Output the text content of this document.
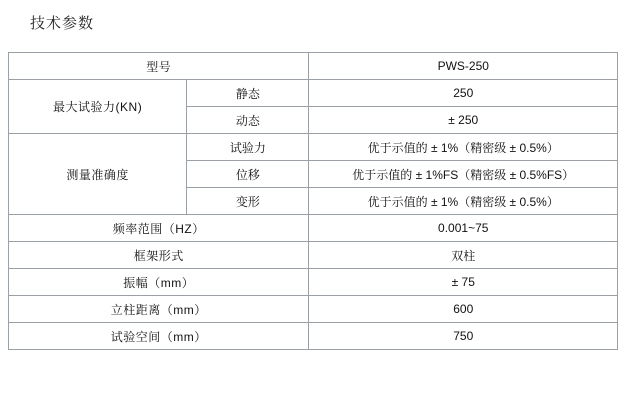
技术参数
型号		PWS-250
最大试验力(KN)	静态	250
	动态	± 250
测量准确度	试验力	优于示值的 ± 1%（精密级 ± 0.5%）
	位移	优于示值的 ± 1%FS（精密级 ± 0.5%FS）
	变形	优于示值的 ± 1%（精密级 ± 0.5%）
频率范围（HZ）		0.001~75
框架形式		双柱
振幅（mm）		± 75
立柱距离（mm）		600
试验空间（mm）		750
